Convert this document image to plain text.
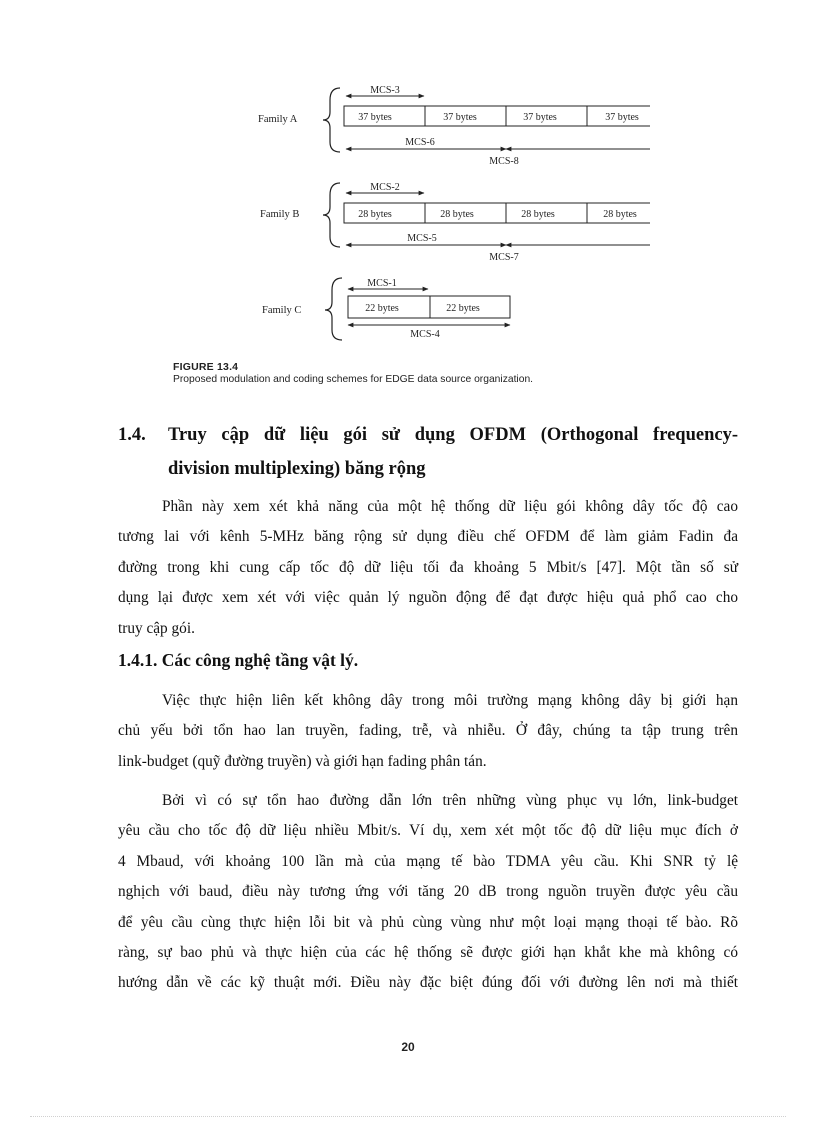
Family A
MCS-3
37 bytes	37 bytes	37 bytes	37 bytes
MCS-6
MCS-8
Family B
MCS-2
28 bytes	28 bytes	28 bytes	28 bytes
MCS-5
MCS-7
Family C
MCS-1
22 bytes	22 bytes
MCS-4
FIGURE 13.4
Proposed modulation and coding schemes for EDGE data source organization.
1.4. Truy cập dữ liệu gói sử dụng OFDM (Orthogonal frequency-
division multiplexing) băng rộng
Phần này xem xét khả năng của một hệ thống dữ liệu gói không dây tốc độ cao
tương lai với kênh 5-MHz băng rộng sử dụng điều chế OFDM để làm giảm Fadin đa
đường trong khi cung cấp tốc độ dữ liệu tối đa khoảng 5 Mbit/s [47]. Một tần số sử
dụng lại được xem xét với việc quản lý nguồn động để đạt được hiệu quả phổ cao cho
truy cập gói.
1.4.1. Các công nghệ tầng vật lý.
Việc thực hiện liên kết không dây trong môi trường mạng không dây bị giới hạn
chủ yếu bởi tổn hao lan truyền, fading, trễ, và nhiễu. Ở đây, chúng ta tập trung trên
link-budget (quỹ đường truyền) và giới hạn fading phân tán.
Bởi vì có sự tổn hao đường dẫn lớn trên những vùng phục vụ lớn, link-budget
yêu cầu cho tốc độ dữ liệu nhiều Mbit/s. Ví dụ, xem xét một tốc độ dữ liệu mục đích ở
4 Mbaud, với khoảng 100 lần mà của mạng tế bào TDMA yêu cầu. Khi SNR tỷ lệ
nghịch với baud, điều này tương ứng với tăng 20 dB trong nguồn truyền được yêu cầu
để yêu cầu cùng thực hiện lỗi bit và phủ cùng vùng như một loại mạng thoại tế bào. Rõ
ràng, sự bao phủ và thực hiện của các hệ thống sẽ được giới hạn khắt khe mà không có
hướng dẫn về các kỹ thuật mới. Điều này đặc biệt đúng đối với đường lên nơi mà thiết
20
